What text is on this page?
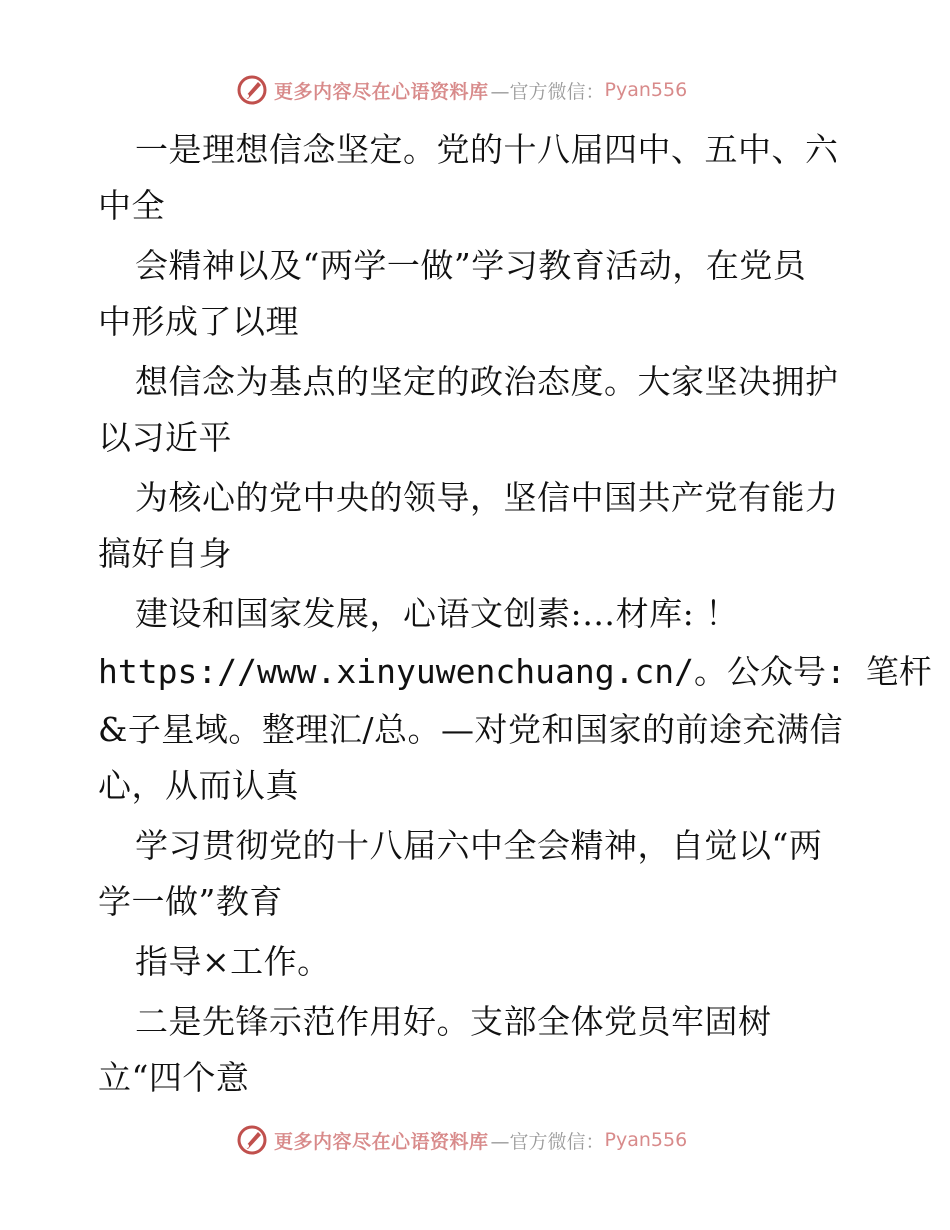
更多内容尽在心语资料库 —官方微信： Pyan556
一是理想信念坚定。党的十八届四中、五中、六
中全
会精神以及“两学一做”学习教育活动，在党员
中形成了以理
想信念为基点的坚定的政治态度。大家坚决拥护
以习近平
为核心的党中央的领导，坚信中国共产党有能力
搞好自身
建设和国家发展，心语文创素:…材库: ！
https://www.xinyuwenchuang.cn/。公众号: 笔杆
&子星域。整理汇/总。—对党和国家的前途充满信
心，从而认真
学习贯彻党的十八届六中全会精神，自觉以“两
学一做”教育
指导×工作。
二是先锋示范作用好。支部全体党员牢固树
立“四个意
更多内容尽在心语资料库 —官方微信： Pyan556
